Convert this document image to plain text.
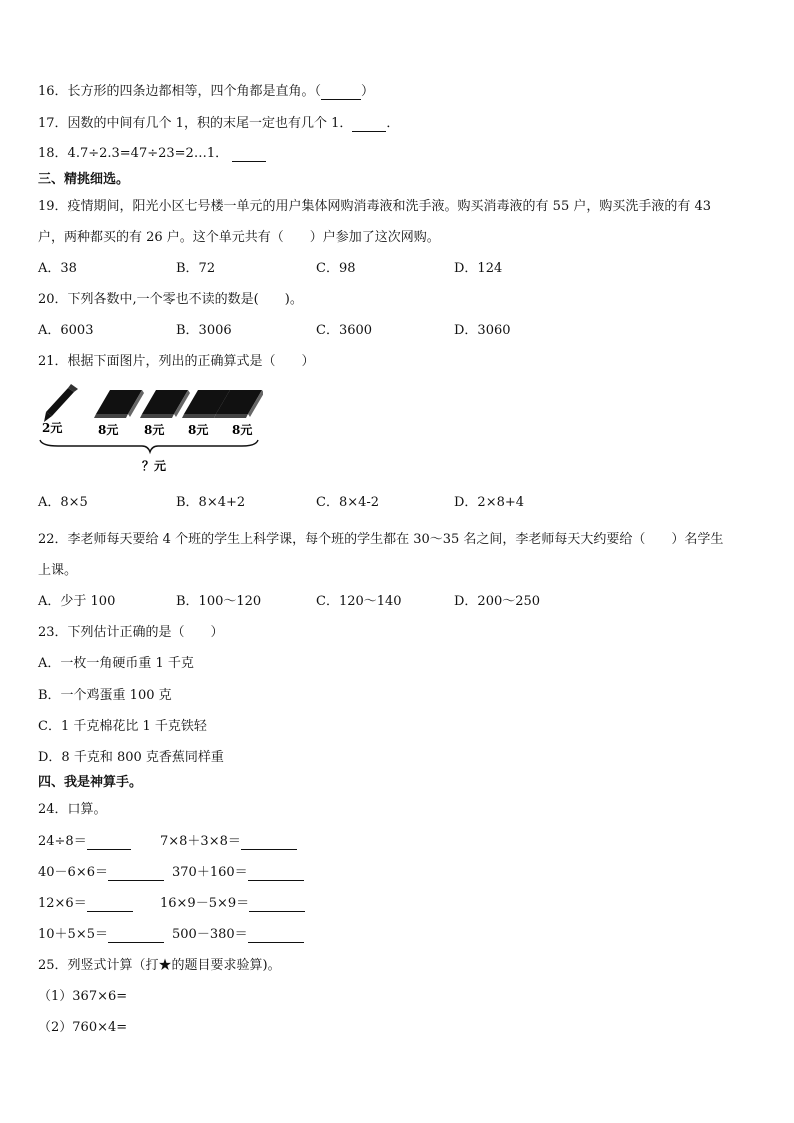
16．长方形的四条边都相等，四个角都是直角。（	）
17．因数的中间有几个 1，积的末尾一定也有几个 1．	．
18．4.7÷2.3=47÷23=2…1．
三、精挑细选。
19．疫情期间，阳光小区七号楼一单元的用户集体网购消毒液和洗手液。购买消毒液的有 55 户，购买洗手液的有 43
户，两种都买的有 26 户。这个单元共有（　　）户参加了这次网购。
A．38	B．72	C．98	D．124
20．下列各数中,一个零也不读的数是(　　)。
A．6003	B．3006	C．3600	D．3060
21．根据下面图片，列出的正确算式是（　　）
2元	8元 8元 8元 8元
？元
A．8×5	B．8×4+2	C．8×4-2	D．2×8+4
22．李老师每天要给 4 个班的学生上科学课，每个班的学生都在 30～35 名之间，李老师每天大约要给（　　）名学生
上课。
A．少于 100	B．100～120	C．120～140	D．200～250
23．下列估计正确的是（　　）
A．一枚一角硬币重 1 千克
B．一个鸡蛋重 100 克
C．1 千克棉花比 1 千克铁轻
D．8 千克和 800 克香蕉同样重
四、我是神算手。
24．口算。
24÷8＝	7×8＋3×8＝
40－6×6＝	370＋160＝
12×6＝	16×9－5×9＝
10＋5×5＝	500－380＝
25．列竖式计算（打★的题目要求验算)。
（1）367×6=
（2）760×4=
